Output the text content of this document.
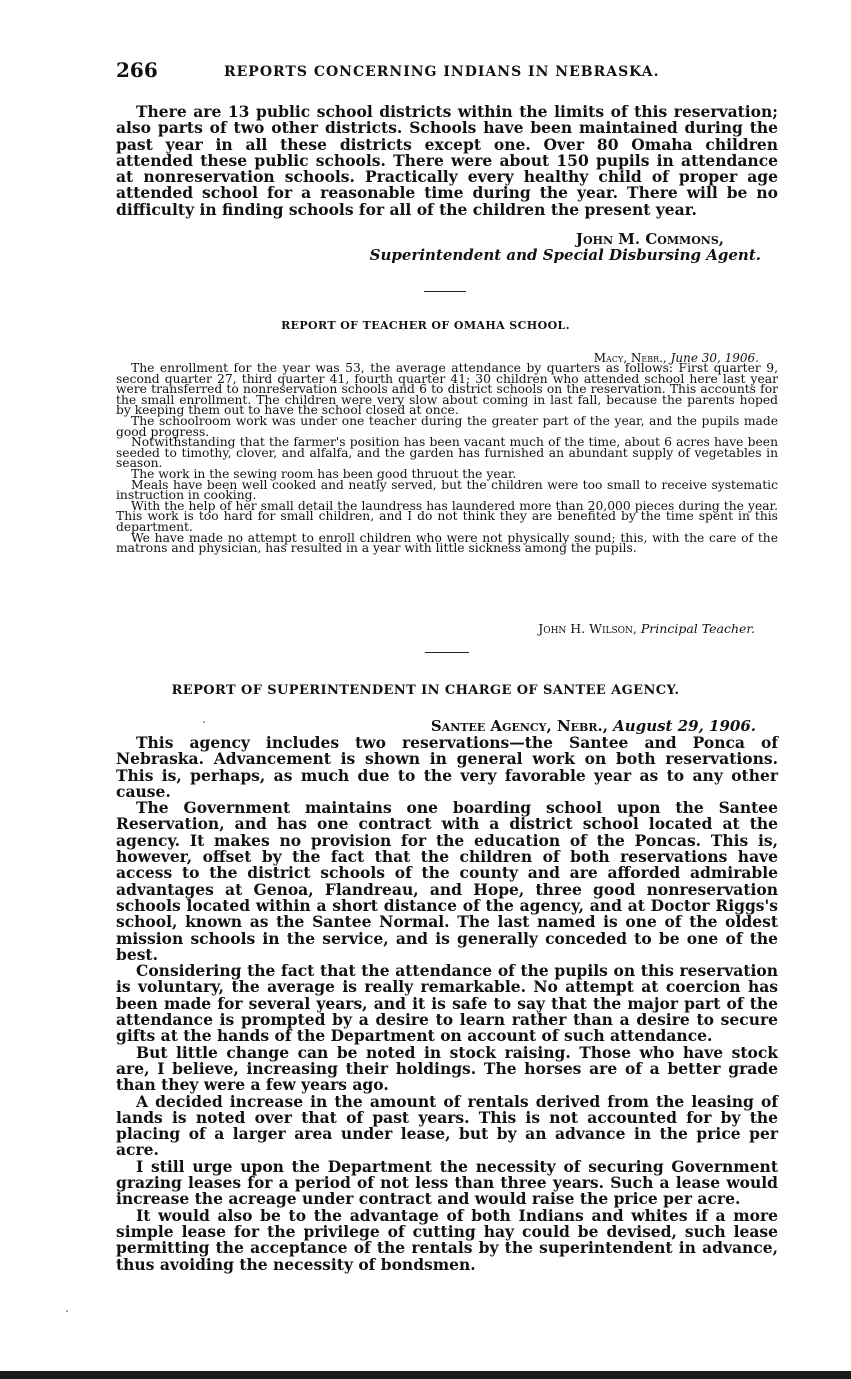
266	REPORTS CONCERNING INDIANS IN NEBRASKA.

There are 13 public school districts within the limits of this reservation; also parts of two other districts. Schools have been maintained during the past year in all these districts except one. Over 80 Omaha children attended these public schools. There were about 150 pupils in attendance at nonreservation schools. Practically every healthy child of proper age attended school for a reasonable time during the year. There will be no difficulty in finding schools for all of the children the present year.

John M. Commons,
Superintendent and Special Disbursing Agent.
REPORT OF TEACHER OF OMAHA SCHOOL.
Macy, Nebr., June 30, 1906.

The enrollment for the year was 53, the average attendance by quarters as follows: First quarter 9, second quarter 27, third quarter 41, fourth quarter 41; 30 children who attended school here last year were transferred to nonreservation schools and 6 to district schools on the reservation. This accounts for the small enrollment. The children were very slow about coming in last fall, because the parents hoped by keeping them out to have the school closed at once.

The schoolroom work was under one teacher during the greater part of the year, and the pupils made good progress.

Notwithstanding that the farmer's position has been vacant much of the time, about 6 acres have been seeded to timothy, clover, and alfalfa, and the garden has furnished an abundant supply of vegetables in season.

The work in the sewing room has been good thruout the year.

Meals have been well cooked and neatly served, but the children were too small to receive systematic instruction in cooking.

With the help of her small detail the laundress has laundered more than 20,000 pieces during the year. This work is too hard for small children, and I do not think they are benefited by the time spent in this department.

We have made no attempt to enroll children who were not physically sound; this, with the care of the matrons and physician, has resulted in a year with little sickness among the pupils.

John H. Wilson, Principal Teacher.
REPORT OF SUPERINTENDENT IN CHARGE OF SANTEE AGENCY.
Santee Agency, Nebr., August 29, 1906.

This agency includes two reservations—the Santee and Ponca of Nebraska. Advancement is shown in general work on both reservations. This is, perhaps, as much due to the very favorable year as to any other cause.

The Government maintains one boarding school upon the Santee Reservation, and has one contract with a district school located at the agency. It makes no provision for the education of the Poncas. This is, however, offset by the fact that the children of both reservations have access to the district schools of the county and are afforded admirable advantages at Genoa, Flandreau, and Hope, three good nonreservation schools located within a short distance of the agency, and at Doctor Riggs's school, known as the Santee Normal. The last named is one of the oldest mission schools in the service, and is generally conceded to be one of the best.

Considering the fact that the attendance of the pupils on this reservation is voluntary, the average is really remarkable. No attempt at coercion has been made for several years, and it is safe to say that the major part of the attendance is prompted by a desire to learn rather than a desire to secure gifts at the hands of the Department on account of such attendance.

But little change can be noted in stock raising. Those who have stock are, I believe, increasing their holdings. The horses are of a better grade than they were a few years ago.

A decided increase in the amount of rentals derived from the leasing of lands is noted over that of past years. This is not accounted for by the placing of a larger area under lease, but by an advance in the price per acre.

I still urge upon the Department the necessity of securing Government grazing leases for a period of not less than three years. Such a lease would increase the acreage under contract and would raise the price per acre.

It would also be to the advantage of both Indians and whites if a more simple lease for the privilege of cutting hay could be devised, such lease permitting the acceptance of the rentals by the superintendent in advance, thus avoiding the necessity of bondsmen.
